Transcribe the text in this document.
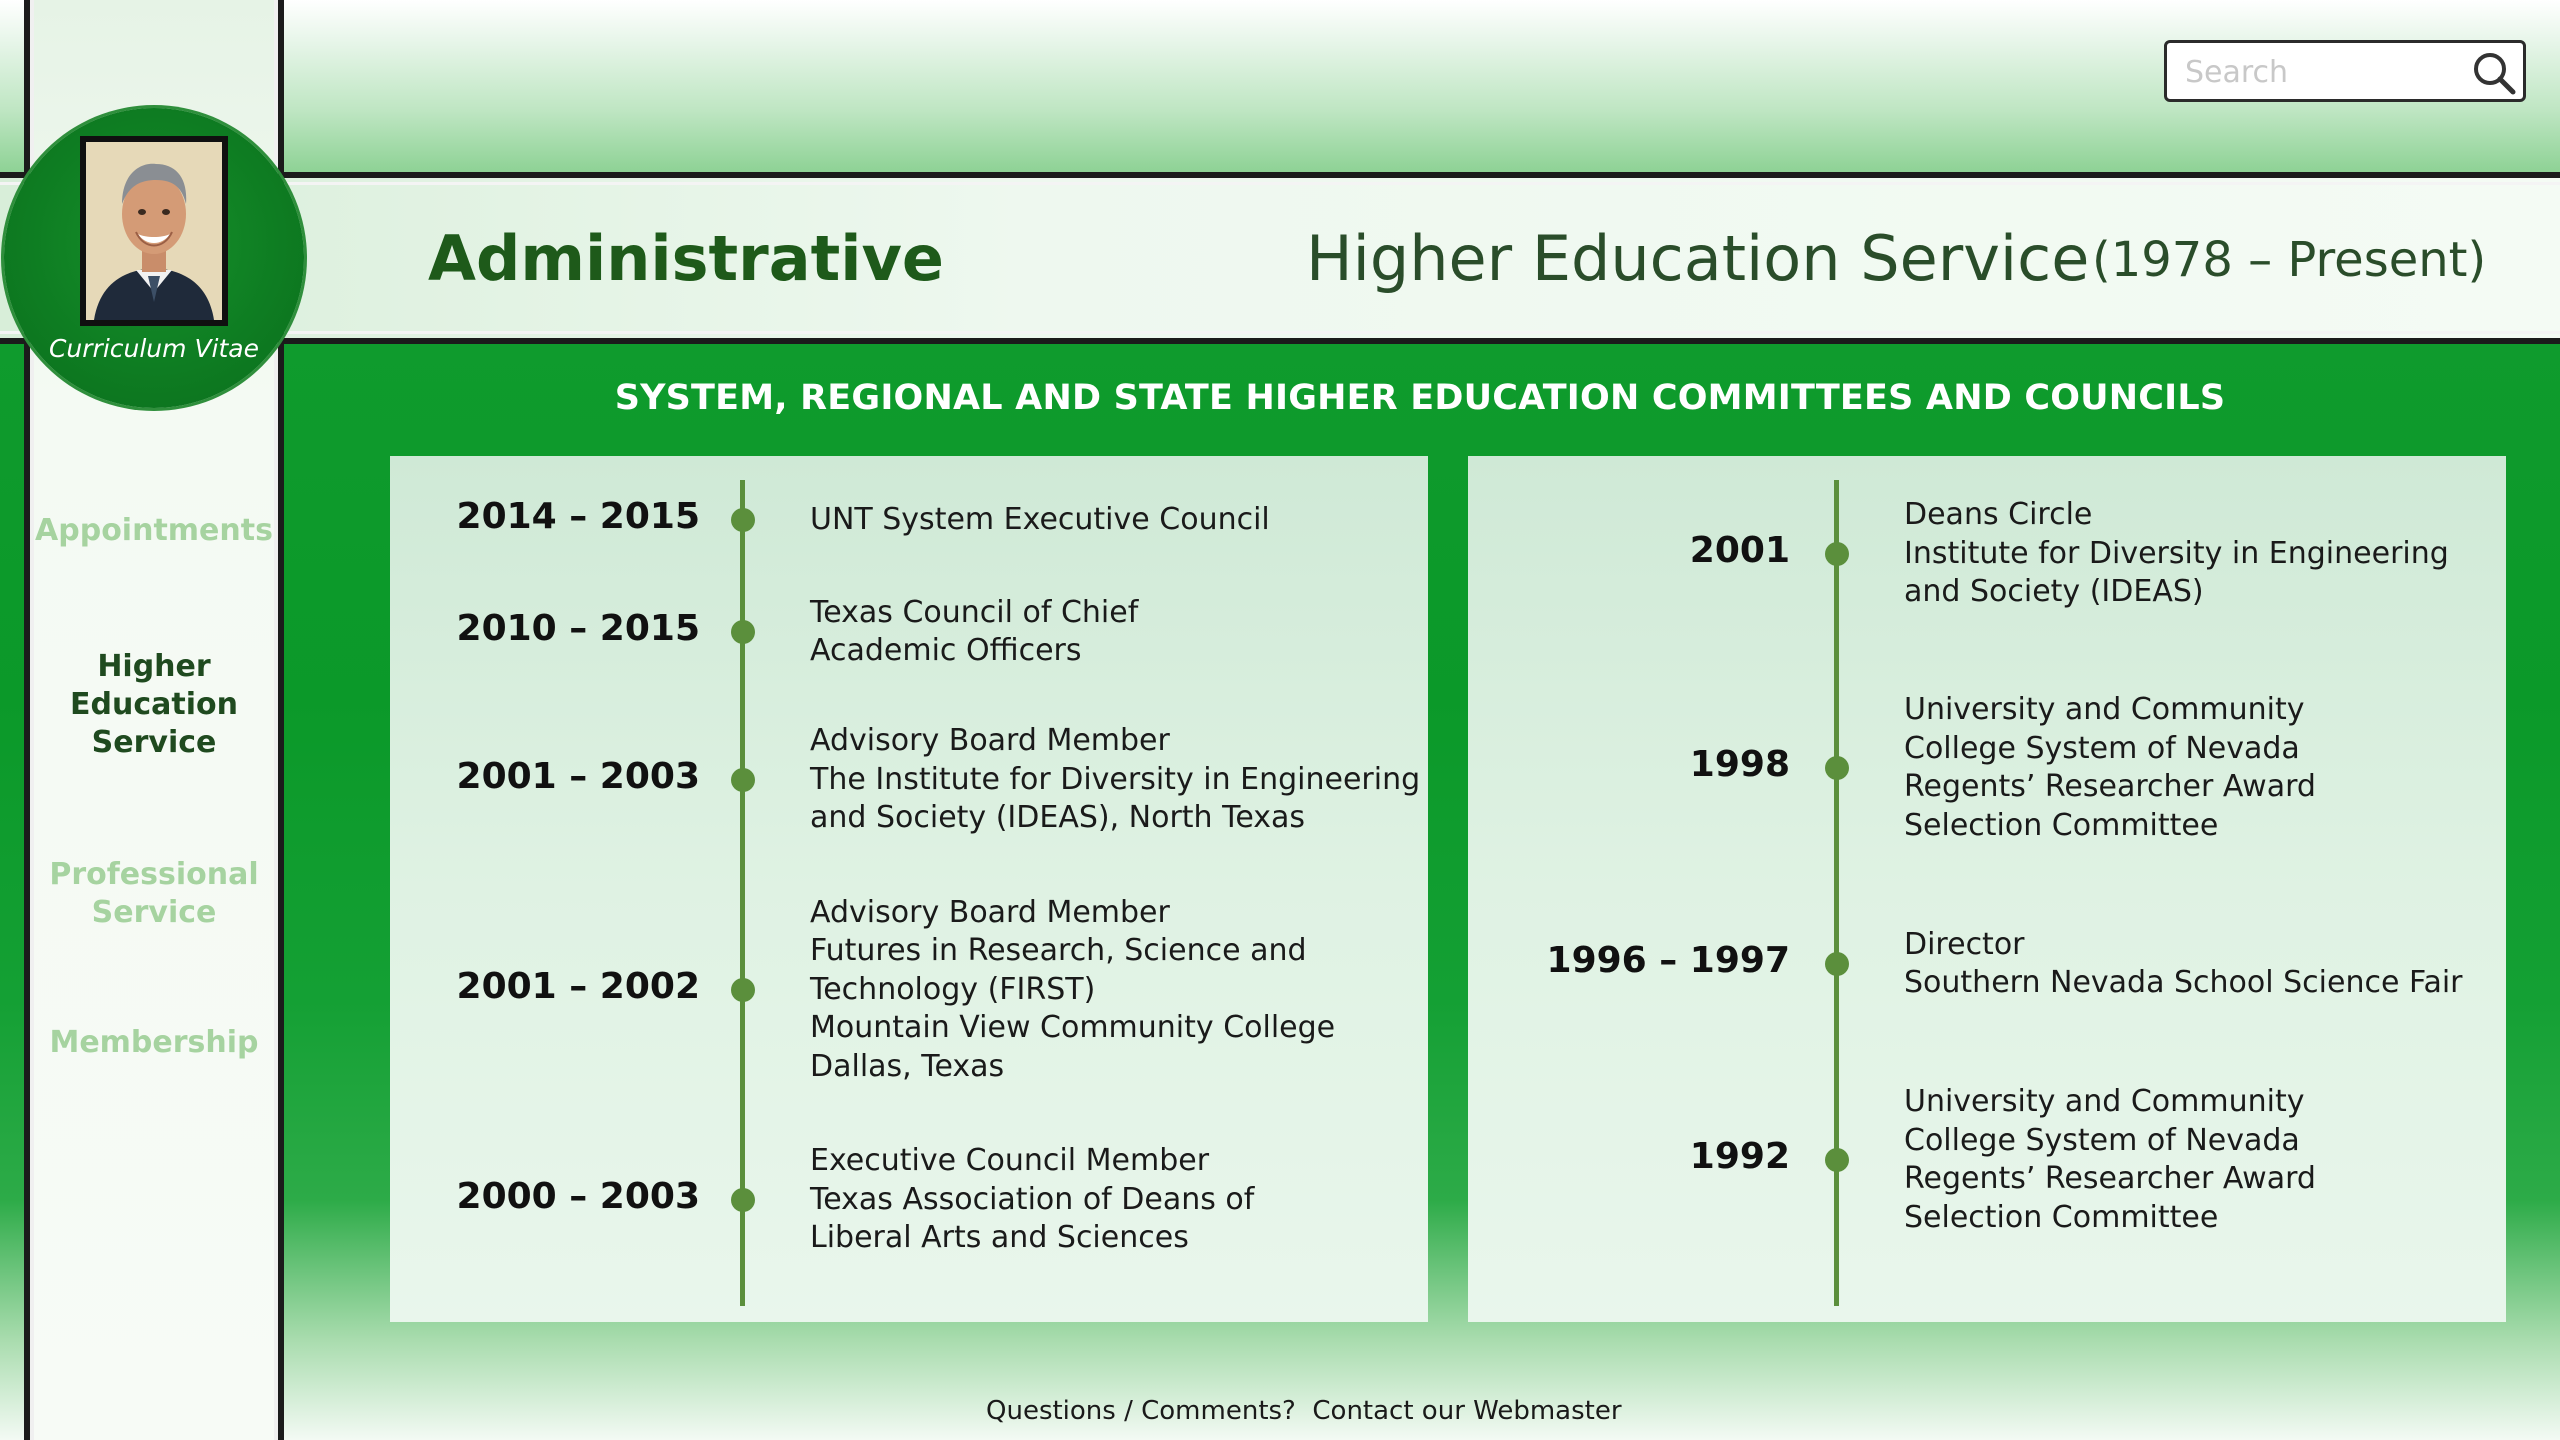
Search
Administrative	Higher Education Service (1978 – Present)
Appointments
Higher
Education
Service
Professional
Service
Membership
Curriculum Vitae
SYSTEM, REGIONAL AND STATE HIGHER EDUCATION COMMITTEES AND COUNCILS
2014 – 2015	UNT System Executive Council
2010 – 2015	Texas Council of Chief
Academic Officers
2001 – 2003
Advisory Board Member
The Institute for Diversity in Engineering
and Society (IDEAS), North Texas
2001 – 2002
Advisory Board Member
Futures in Research, Science and
Technology (FIRST)
Mountain View Community College
Dallas, Texas
2000 – 2003
Executive Council Member
Texas Association of Deans of
Liberal Arts and Sciences
2001
Deans Circle
Institute for Diversity in Engineering
and Society (IDEAS)
1998
University and Community
College System of Nevada
Regents’ Researcher Award
Selection Committee
1996 – 1997	Director
Southern Nevada School Science Fair
1992
University and Community
College System of Nevada
Regents’ Researcher Award
Selection Committee
Questions / Comments? Contact our Webmaster
